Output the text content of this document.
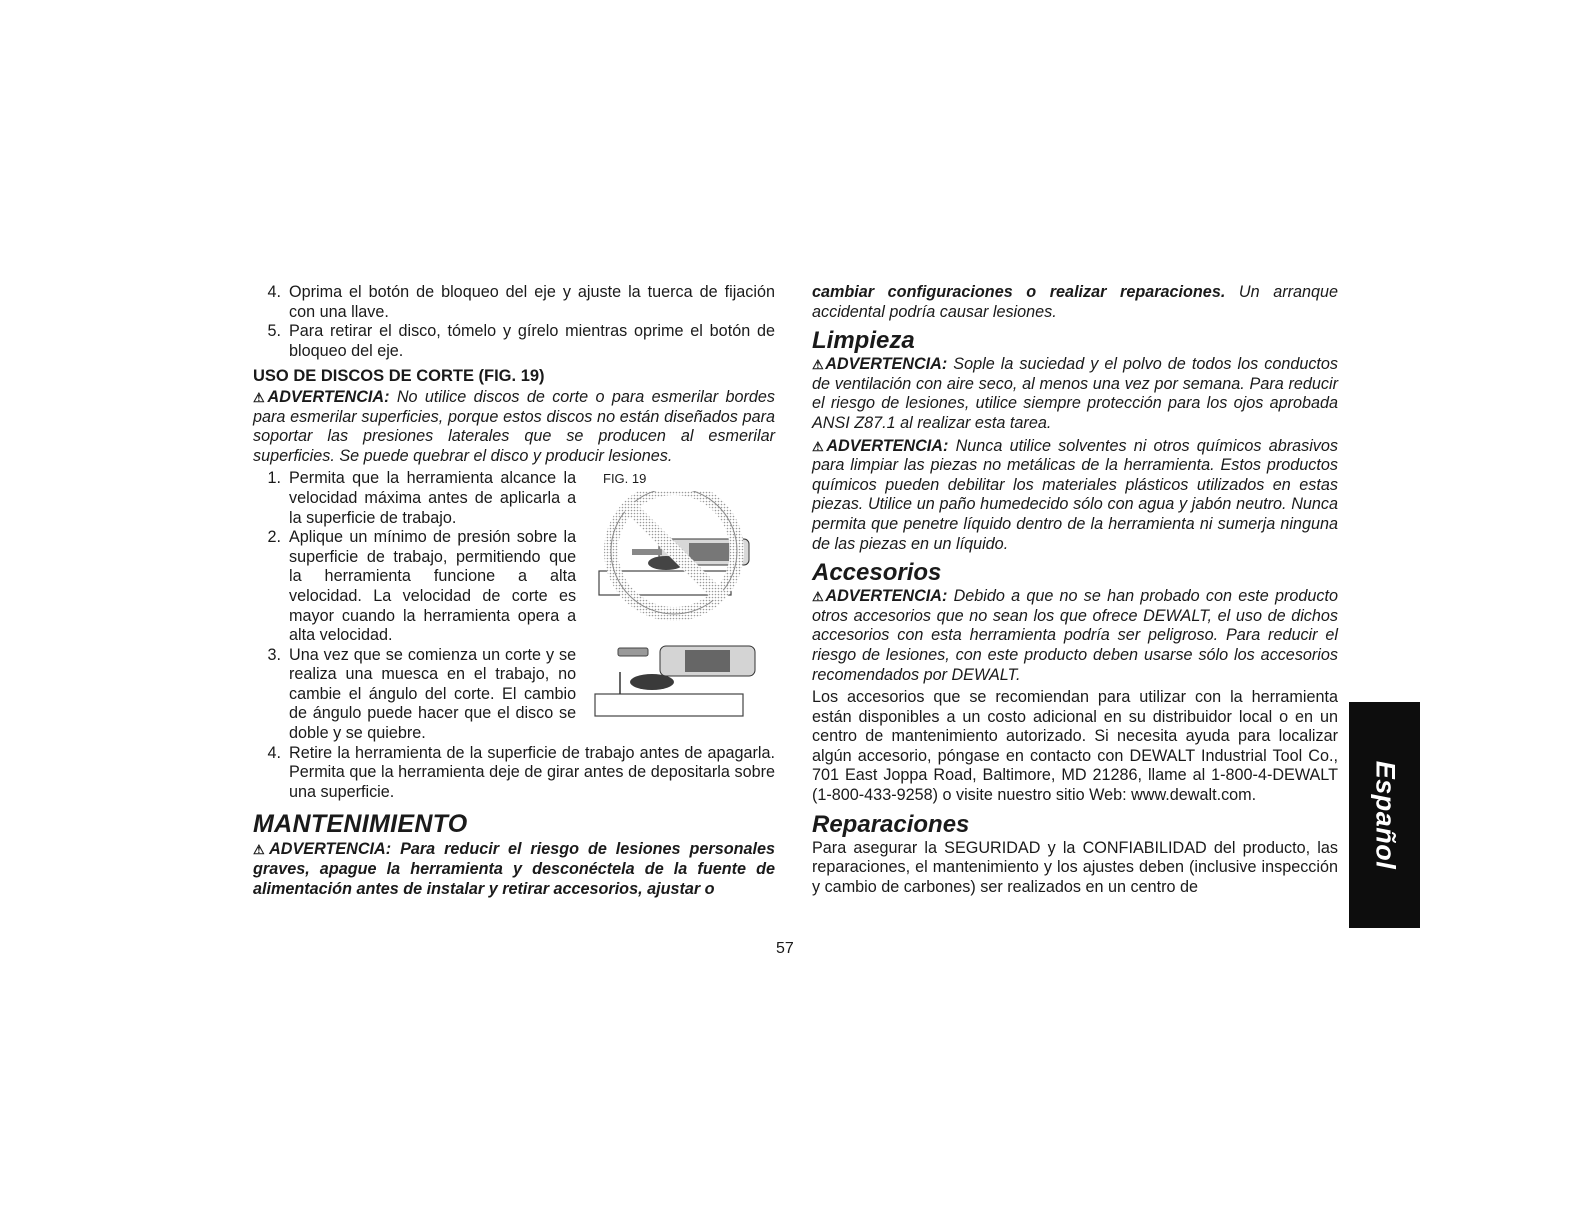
4. Oprima el botón de bloqueo del eje y ajuste la tuerca de fijación con una llave.
5. Para retirar el disco, tómelo y gírelo mientras oprime el botón de bloqueo del eje.
USO DE DISCOS DE CORTE (FIG. 19)
⚠ADVERTENCIA: No utilice discos de corte o para esmerilar bordes para esmerilar superficies, porque estos discos no están diseñados para soportar las presiones laterales que se producen al esmerilar superficies. Se puede quebrar el disco y producir lesiones.
1. Permita que la herramienta alcance la velocidad máxima antes de aplicarla a la superficie de trabajo.
2. Aplique un mínimo de presión sobre la superficie de trabajo, permitiendo que la herramienta funcione a alta velocidad. La velocidad de corte es mayor cuando la herramienta opera a alta velocidad.
3. Una vez que se comienza un corte y se realiza una muesca en el trabajo, no cambie el ángulo del corte. El cambio de ángulo puede hacer que el disco se doble y se quiebre.
FIG. 19
4. Retire la herramienta de la superficie de trabajo antes de apagarla. Permita que la herramienta deje de girar antes de depositarla sobre una superficie.
MANTENIMIENTO
⚠ADVERTENCIA: Para reducir el riesgo de lesiones personales graves, apague la herramienta y desconéctela de la fuente de alimentación antes de instalar y retirar accesorios, ajustar o
cambiar configuraciones o realizar reparaciones. Un arranque accidental podría causar lesiones.
Limpieza
⚠ADVERTENCIA: Sople la suciedad y el polvo de todos los conductos de ventilación con aire seco, al menos una vez por semana. Para reducir el riesgo de lesiones, utilice siempre protección para los ojos aprobada ANSI Z87.1 al realizar esta tarea.
⚠ADVERTENCIA: Nunca utilice solventes ni otros químicos abrasivos para limpiar las piezas no metálicas de la herramienta. Estos productos químicos pueden debilitar los materiales plásticos utilizados en estas piezas. Utilice un paño humedecido sólo con agua y jabón neutro. Nunca permita que penetre líquido dentro de la herramienta ni sumerja ninguna de las piezas en un líquido.
Accesorios
⚠ADVERTENCIA: Debido a que no se han probado con este producto otros accesorios que no sean los que ofrece DEWALT, el uso de dichos accesorios con esta herramienta podría ser peligroso. Para reducir el riesgo de lesiones, con este producto deben usarse sólo los accesorios recomendados por DEWALT.
Los accesorios que se recomiendan para utilizar con la herramienta están disponibles a un costo adicional en su distribuidor local o en un centro de mantenimiento autorizado. Si necesita ayuda para localizar algún accesorio, póngase en contacto con DEWALT Industrial Tool Co., 701 East Joppa Road, Baltimore, MD 21286, llame al 1-800-4-DEWALT (1-800-433-9258) o visite nuestro sitio Web: www.dewalt.com.
Reparaciones
Para asegurar la SEGURIDAD y la CONFIABILIDAD del producto, las reparaciones, el mantenimiento y los ajustes deben (inclusive inspección y cambio de carbones) ser realizados en un centro de
57
Español
